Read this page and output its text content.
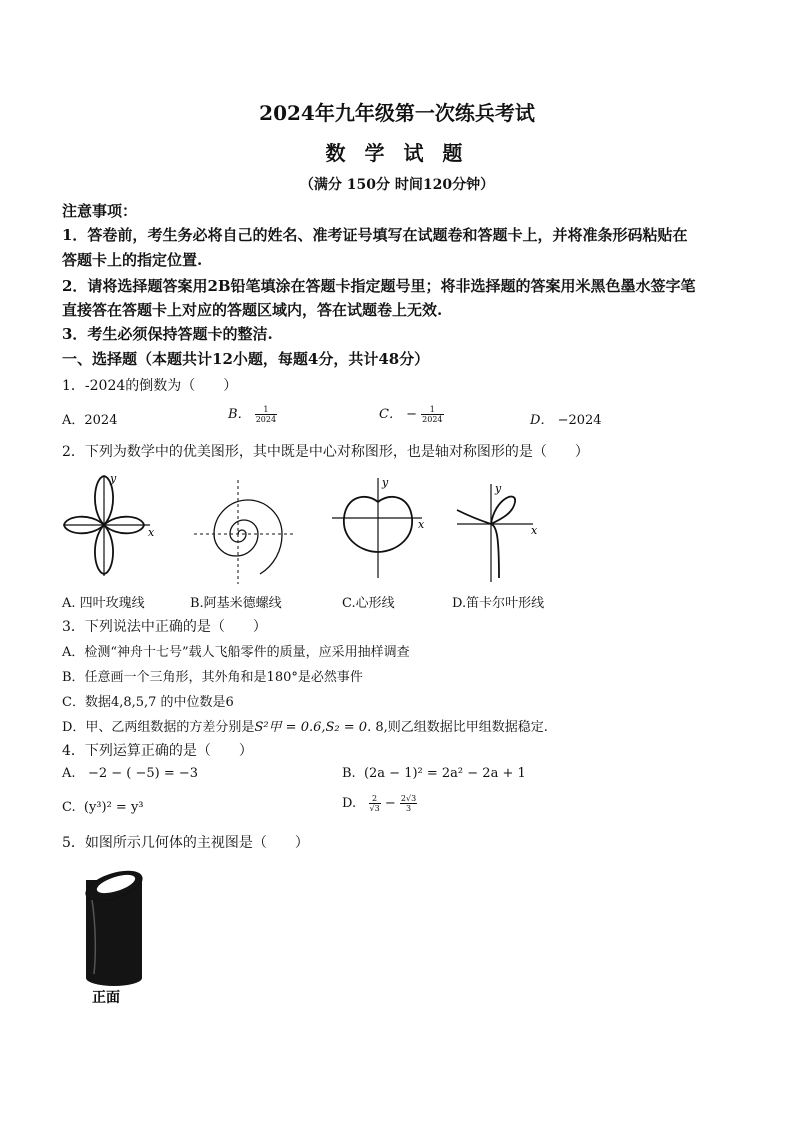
2024年九年级第一次练兵考试
数 学 试 题
（满分 150分 时间120分钟）
注意事项：
1．答卷前，考生务必将自己的姓名、准考证号填写在试题卷和答题卡上，并将准条形码粘贴在
答题卡上的指定位置.
2．请将选择题答案用2B铅笔填涂在答题卡指定题号里；将非选择题的答案用米黑色墨水签字笔
直接答在答题卡上对应的答题区域内，答在试题卷上无效.
3．考生必须保持答题卡的整洁.
一、选择题（本题共计12小题，每题4分，共计48分）
1．-2024的倒数为（　　）
A．2024	B． $\frac{1}{2024}$	C． − $\frac{1}{2024}$	D． −2024
2．下列为数学中的优美图形，其中既是中心对称图形，也是轴对称图形的是（　　）
y
x
y
x
y
x
A. 四叶玫瑰线	B.阿基米德螺线	C.心形线	D.笛卡尔叶形线
3．下列说法中正确的是（　　）
A．检测“神舟十七号”载人飞船零件的质量，应采用抽样调查
B．任意画一个三角形，其外角和是180°是必然事件
C．数据4,8,5,7 的中位数是6
D．甲、乙两组数据的方差分别是S²甲 = 0.6,S₂ = 0. 8,则乙组数据比甲组数据稳定.
4．下列运算正确的是（　　）
A. −2 − ( −5) = −3	B. (2a − 1)² = 2a² − 2a + 1
C. (y³)² = y³	D. $\frac{2}{√3} - \frac{2√3}{3}$
5．如图所示几何体的主视图是（　　）
正面
